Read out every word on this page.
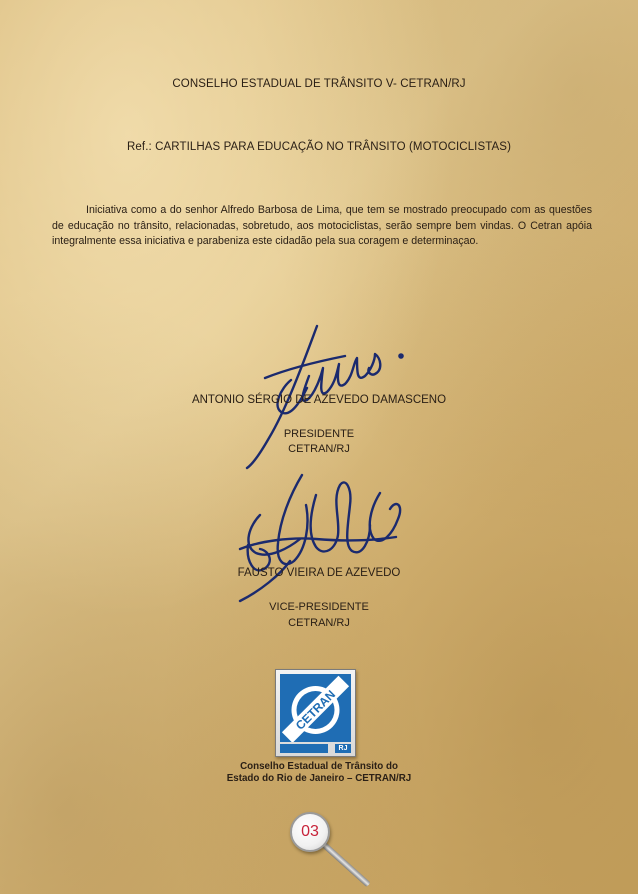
CONSELHO ESTADUAL DE TRÂNSITO V- CETRAN/RJ
Ref.: CARTILHAS PARA EDUCAÇÃO NO TRÂNSITO (MOTOCICLISTAS)
Iniciativa como a do senhor Alfredo Barbosa de Lima, que tem se mostrado preocupado com as questões de educação no trânsito, relacionadas, sobretudo, aos motociclistas, serão sempre bem vindas. O Cetran apóia integralmente essa iniciativa e parabeniza este cidadão pela sua coragem e determinaçao.
ANTONIO SÉRGIO DE AZEVEDO DAMASCENO
PRESIDENTE
CETRAN/RJ
FAUSTO VIEIRA DE AZEVEDO
VICE-PRESIDENTE
CETRAN/RJ
CETRAN
RJ
Conselho Estadual de Trânsito do
Estado do Rio de Janeiro – CETRAN/RJ
03
